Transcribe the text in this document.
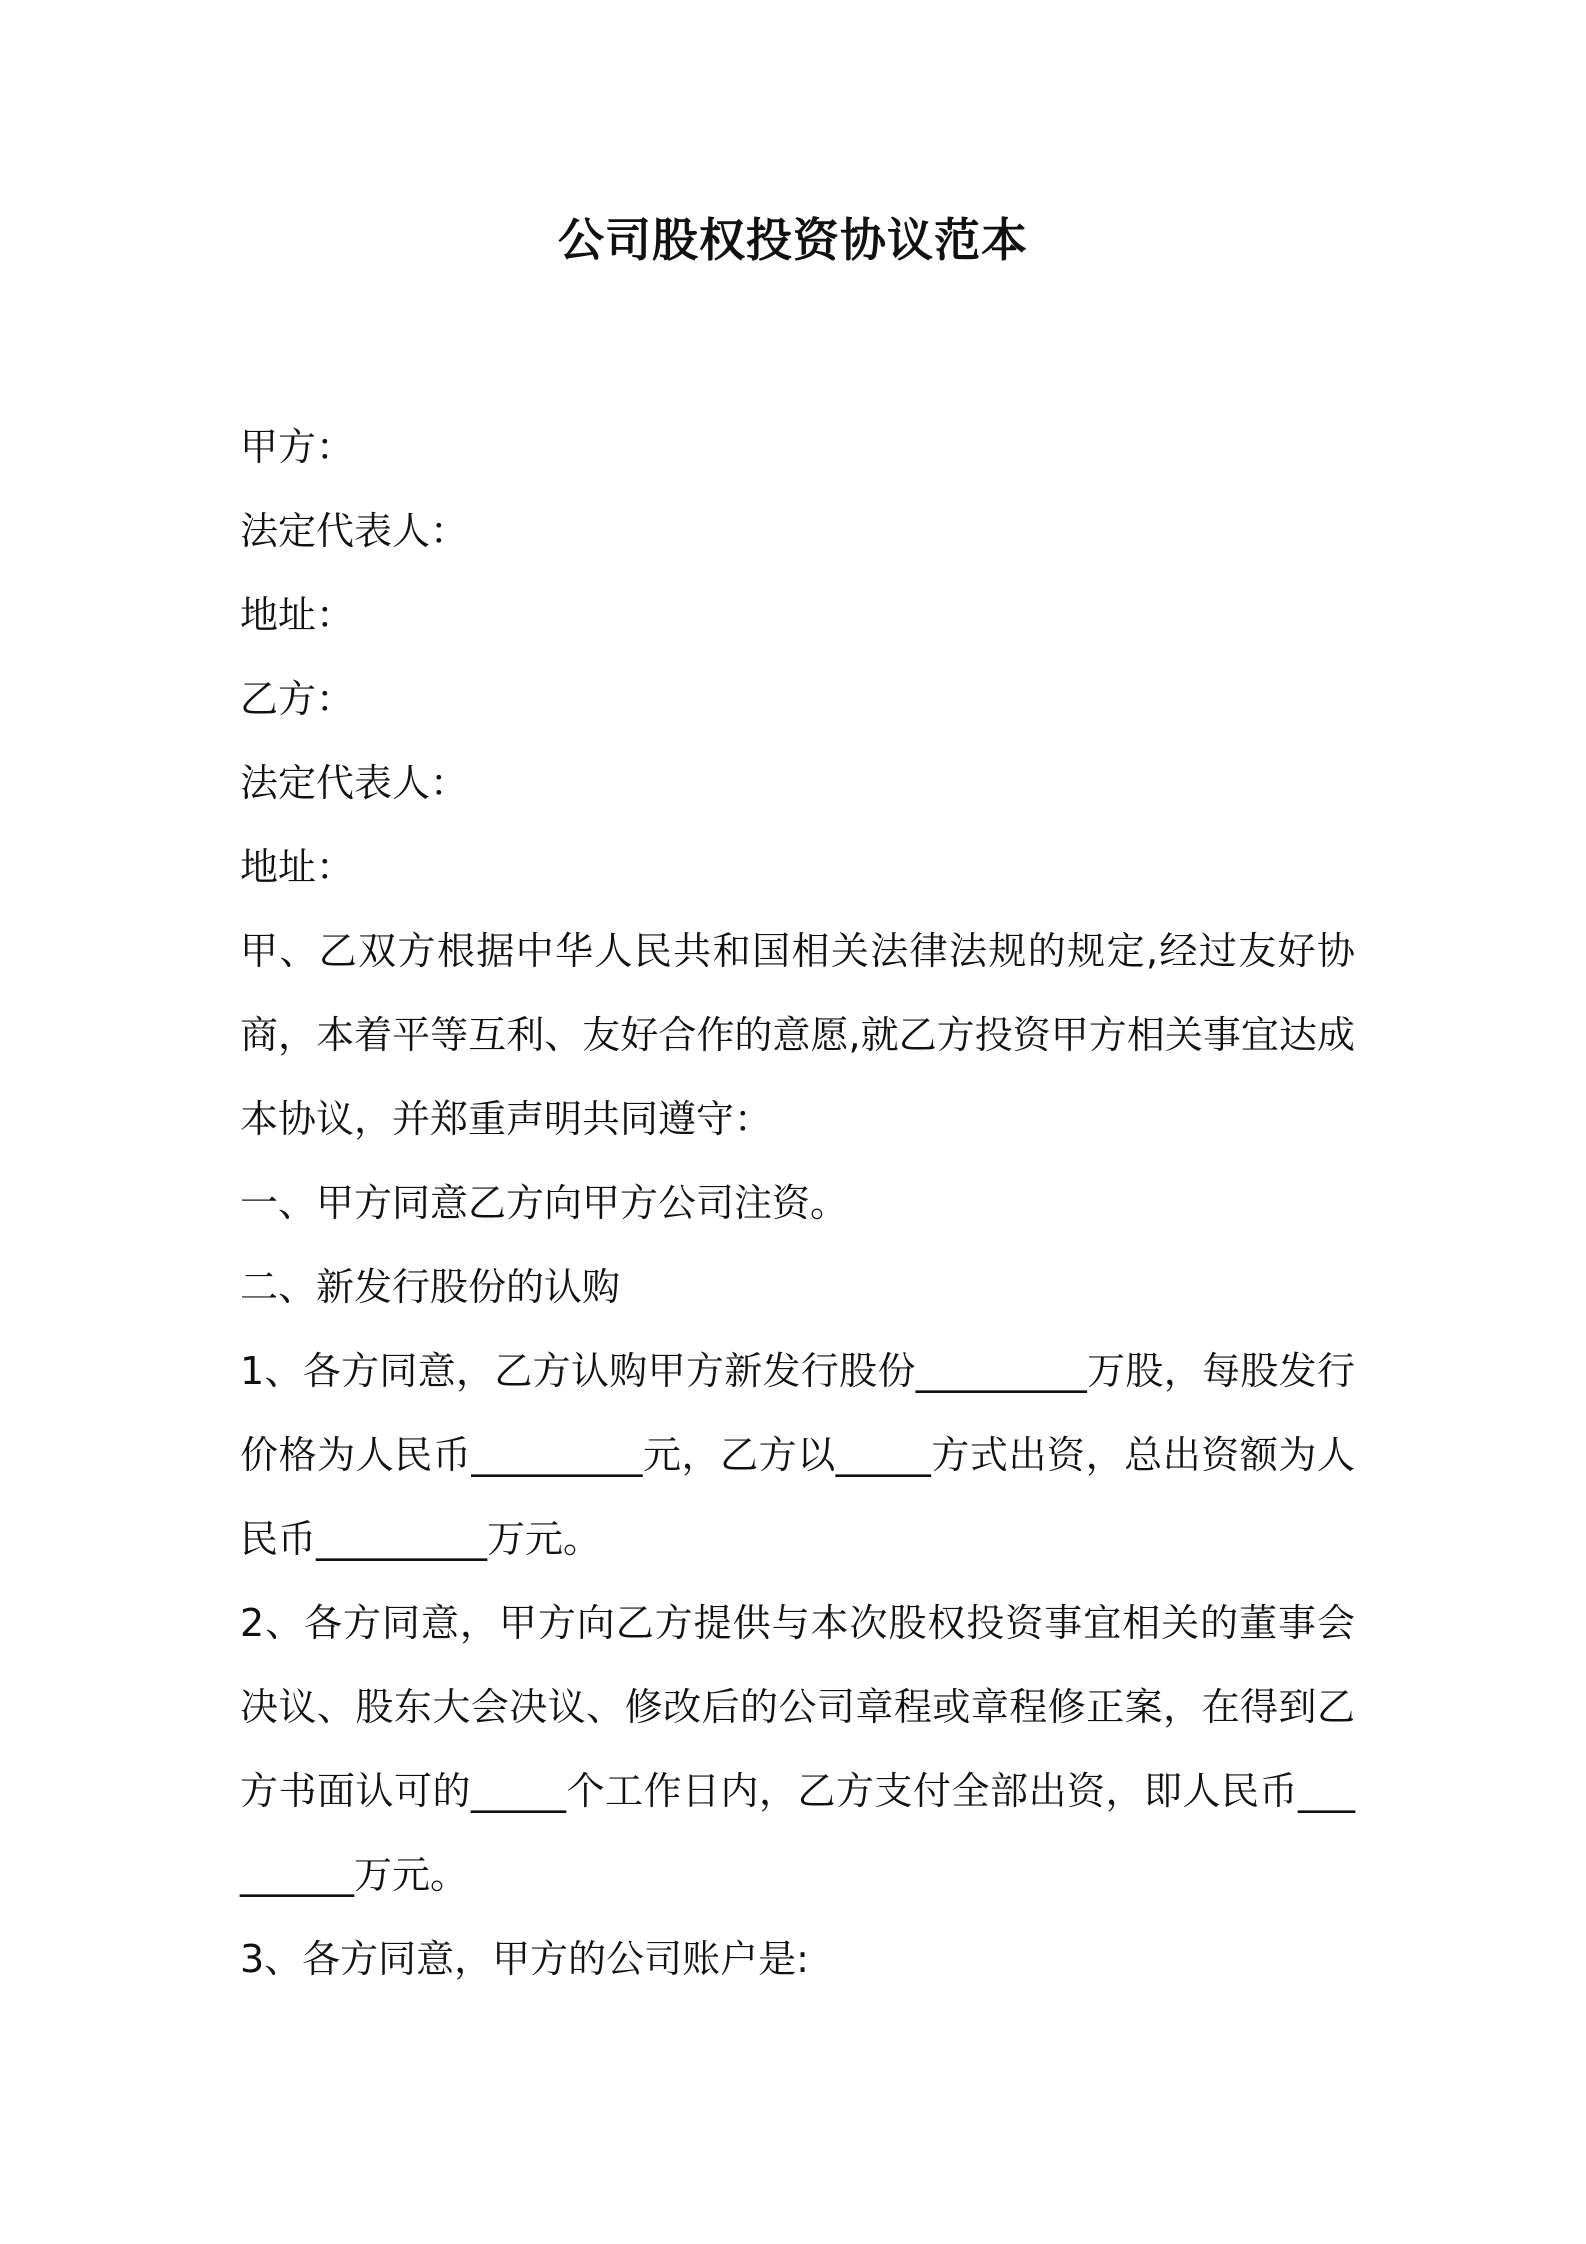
公司股权投资协议范本

甲方：

法定代表人：

地址：

乙方：

法定代表人：

地址：

甲、乙双方根据中华人民共和国相关法律法规的规定,经过友好协商，本着平等互利、友好合作的意愿,就乙方投资甲方相关事宜达成本协议，并郑重声明共同遵守：

一、甲方同意乙方向甲方公司注资。

二、新发行股份的认购

1、各方同意，乙方认购甲方新发行股份_________万股，每股发行价格为人民币_________元，乙方以_____方式出资，总出资额为人民币_________万元。

2、各方同意，甲方向乙方提供与本次股权投资事宜相关的董事会决议、股东大会决议、修改后的公司章程或章程修正案，在得到乙方书面认可的_____个工作日内，乙方支付全部出资，即人民币_________万元。

3、各方同意，甲方的公司账户是:
